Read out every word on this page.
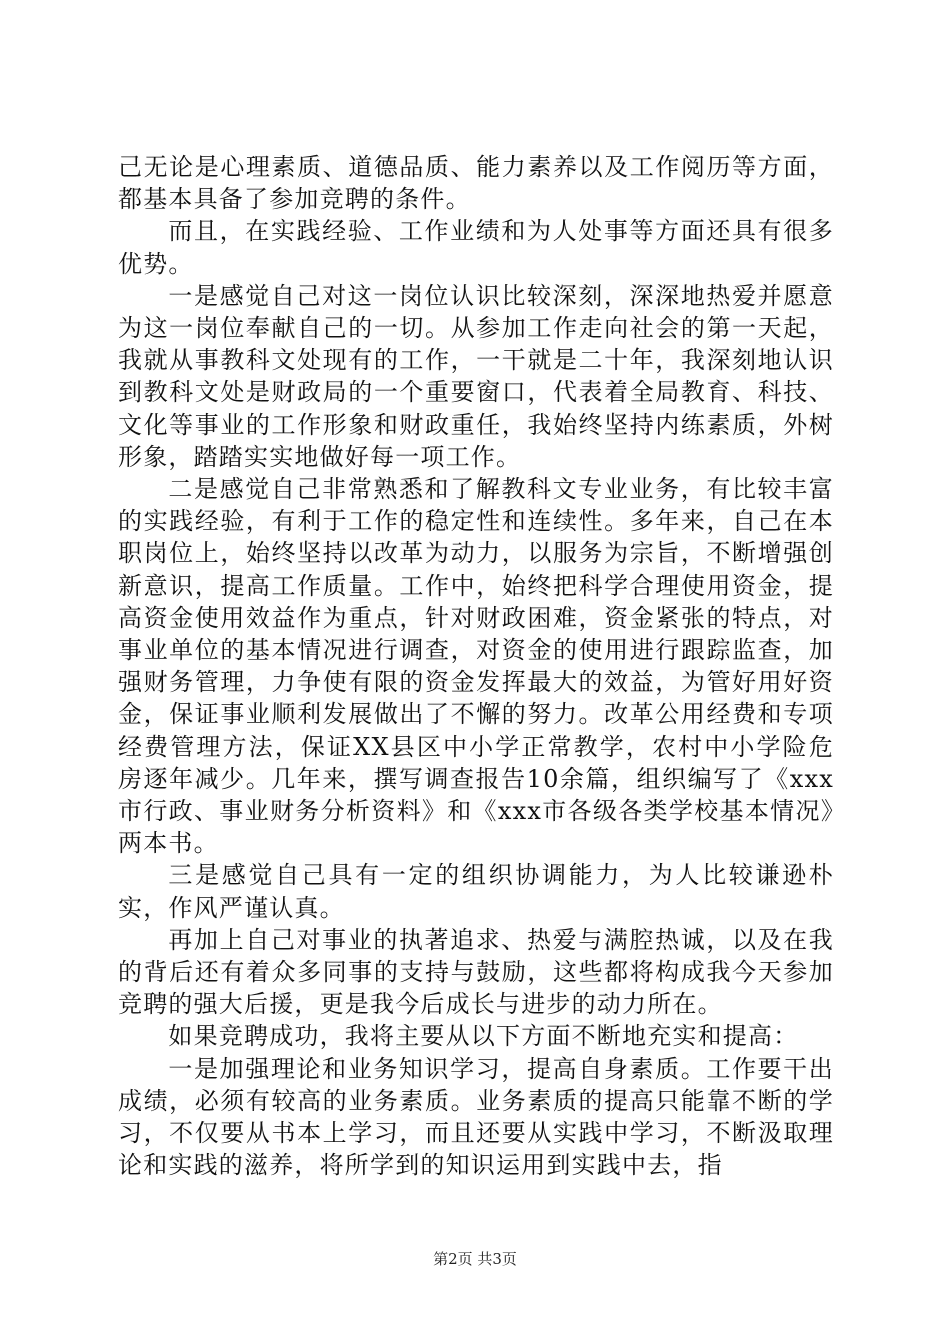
己无论是心理素质、道德品质、能力素养以及工作阅历等方面，都基本具备了参加竞聘的条件。

而且，在实践经验、工作业绩和为人处事等方面还具有很多优势。

一是感觉自己对这一岗位认识比较深刻，深深地热爱并愿意为这一岗位奉献自己的一切。从参加工作走向社会的第一天起，我就从事教科文处现有的工作，一干就是二十年，我深刻地认识到教科文处是财政局的一个重要窗口，代表着全局教育、科技、文化等事业的工作形象和财政重任，我始终坚持内练素质，外树形象，踏踏实实地做好每一项工作。

二是感觉自己非常熟悉和了解教科文专业业务，有比较丰富的实践经验，有利于工作的稳定性和连续性。多年来，自己在本职岗位上，始终坚持以改革为动力，以服务为宗旨，不断增强创新意识，提高工作质量。工作中，始终把科学合理使用资金，提高资金使用效益作为重点，针对财政困难，资金紧张的特点，对事业单位的基本情况进行调查，对资金的使用进行跟踪监查，加强财务管理，力争使有限的资金发挥最大的效益，为管好用好资金，保证事业顺利发展做出了不懈的努力。改革公用经费和专项经费管理方法，保证XX县区中小学正常教学，农村中小学险危房逐年减少。几年来，撰写调查报告10余篇，组织编写了《xxx市行政、事业财务分析资料》和《xxx市各级各类学校基本情况》两本书。

三是感觉自己具有一定的组织协调能力，为人比较谦逊朴实，作风严谨认真。

再加上自己对事业的执著追求、热爱与满腔热诚，以及在我的背后还有着众多同事的支持与鼓励，这些都将构成我今天参加竞聘的强大后援，更是我今后成长与进步的动力所在。

如果竞聘成功，我将主要从以下方面不断地充实和提高：

一是加强理论和业务知识学习，提高自身素质。工作要干出成绩，必须有较高的业务素质。业务素质的提高只能靠不断的学习，不仅要从书本上学习，而且还要从实践中学习，不断汲取理论和实践的滋养，将所学到的知识运用到实践中去，指

第2页 共3页
